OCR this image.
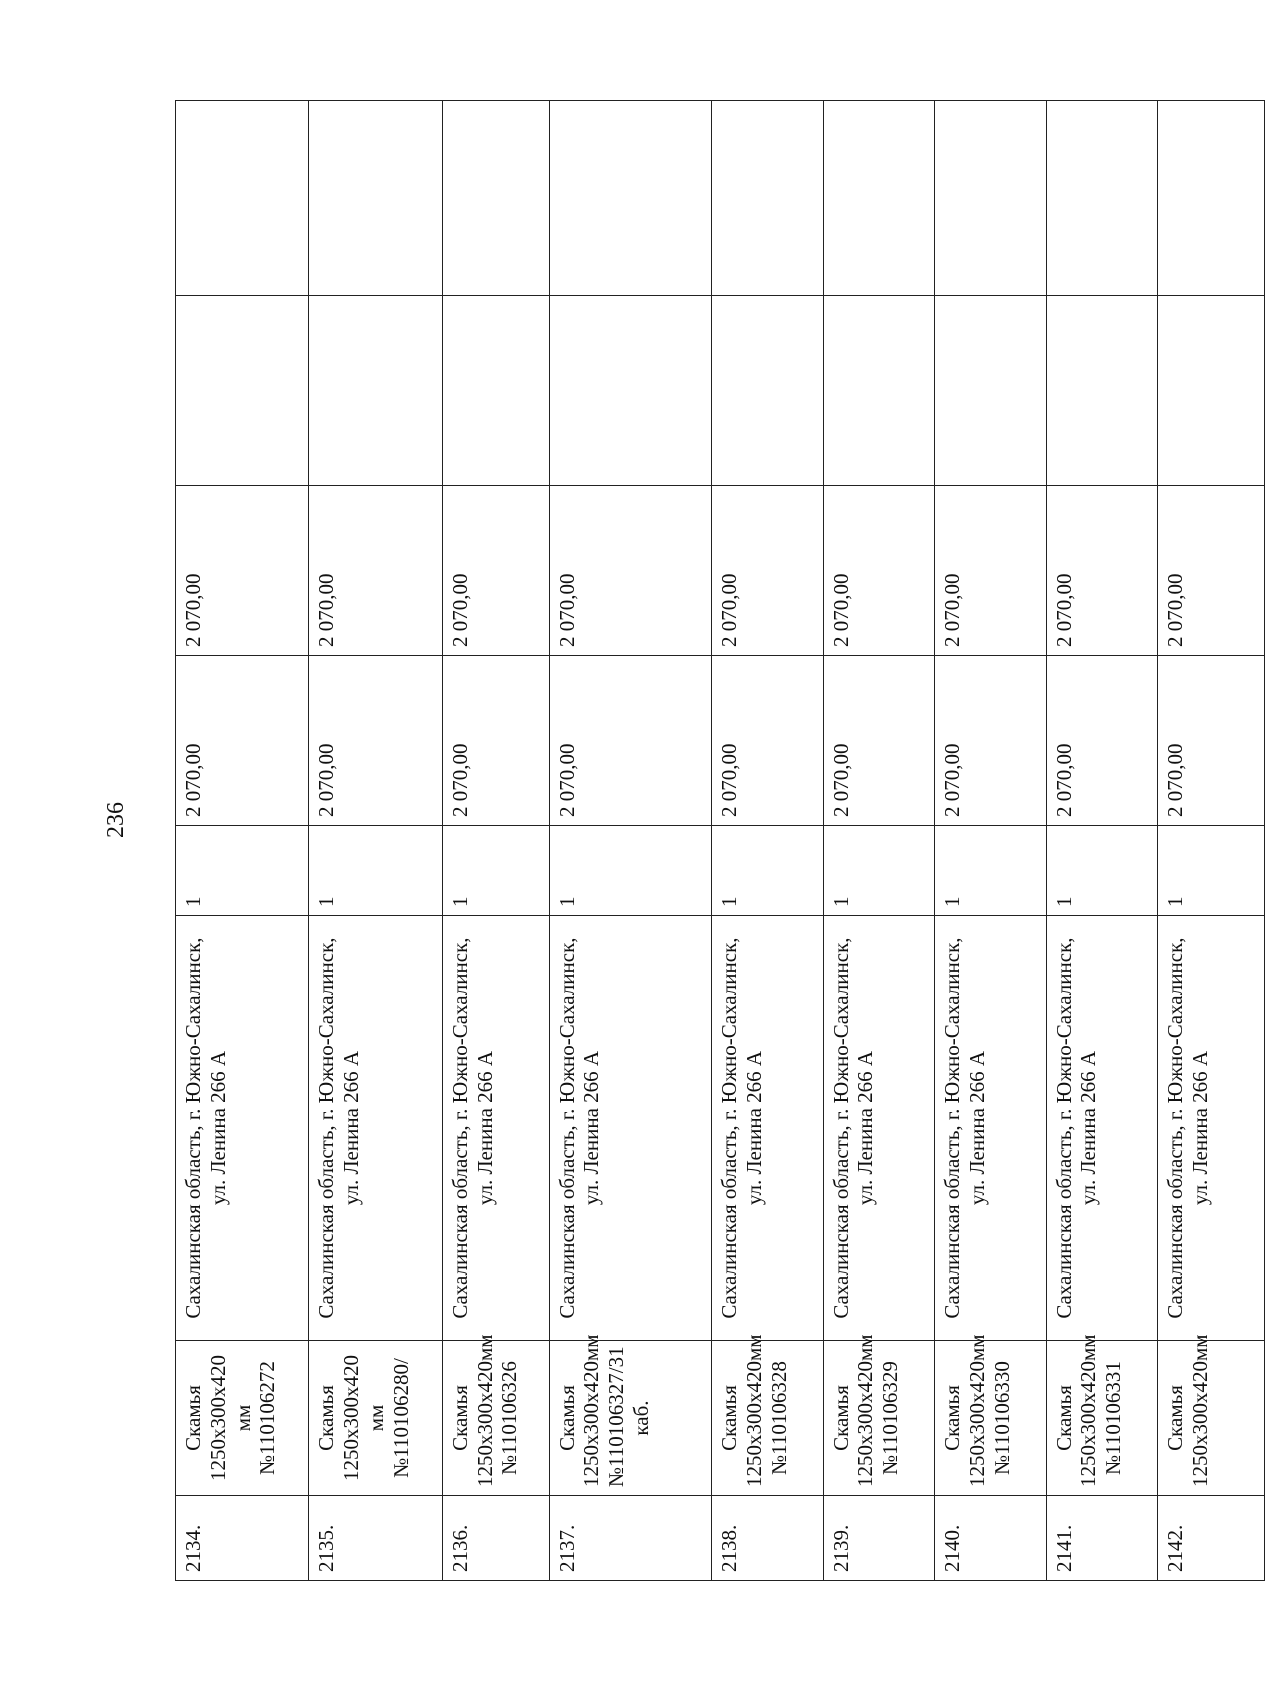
236
2134.	Скамья 1250х300х420 мм №110106272	Сахалинская область, г. Южно-Сахалинск, ул. Ленина 266 А	1	2 070,00	2 070,00		
2135.	Скамья 1250х300х420 мм №110106280/	Сахалинская область, г. Южно-Сахалинск, ул. Ленина 266 А	1	2 070,00	2 070,00		
2136.	Скамья 1250х300х420мм №110106326	Сахалинская область, г. Южно-Сахалинск, ул. Ленина 266 А	1	2 070,00	2 070,00		
2137.	Скамья 1250х300х420мм №110106327/31 каб.	Сахалинская область, г. Южно-Сахалинск, ул. Ленина 266 А	1	2 070,00	2 070,00		
2138.	Скамья 1250х300х420мм №110106328	Сахалинская область, г. Южно-Сахалинск, ул. Ленина 266 А	1	2 070,00	2 070,00		
2139.	Скамья 1250х300х420мм №110106329	Сахалинская область, г. Южно-Сахалинск, ул. Ленина 266 А	1	2 070,00	2 070,00		
2140.	Скамья 1250х300х420мм №110106330	Сахалинская область, г. Южно-Сахалинск, ул. Ленина 266 А	1	2 070,00	2 070,00		
2141.	Скамья 1250х300х420мм №110106331	Сахалинская область, г. Южно-Сахалинск, ул. Ленина 266 А	1	2 070,00	2 070,00		
2142.	Скамья 1250х300х420мм	Сахалинская область, г. Южно-Сахалинск, ул. Ленина 266 А	1	2 070,00	2 070,00		
